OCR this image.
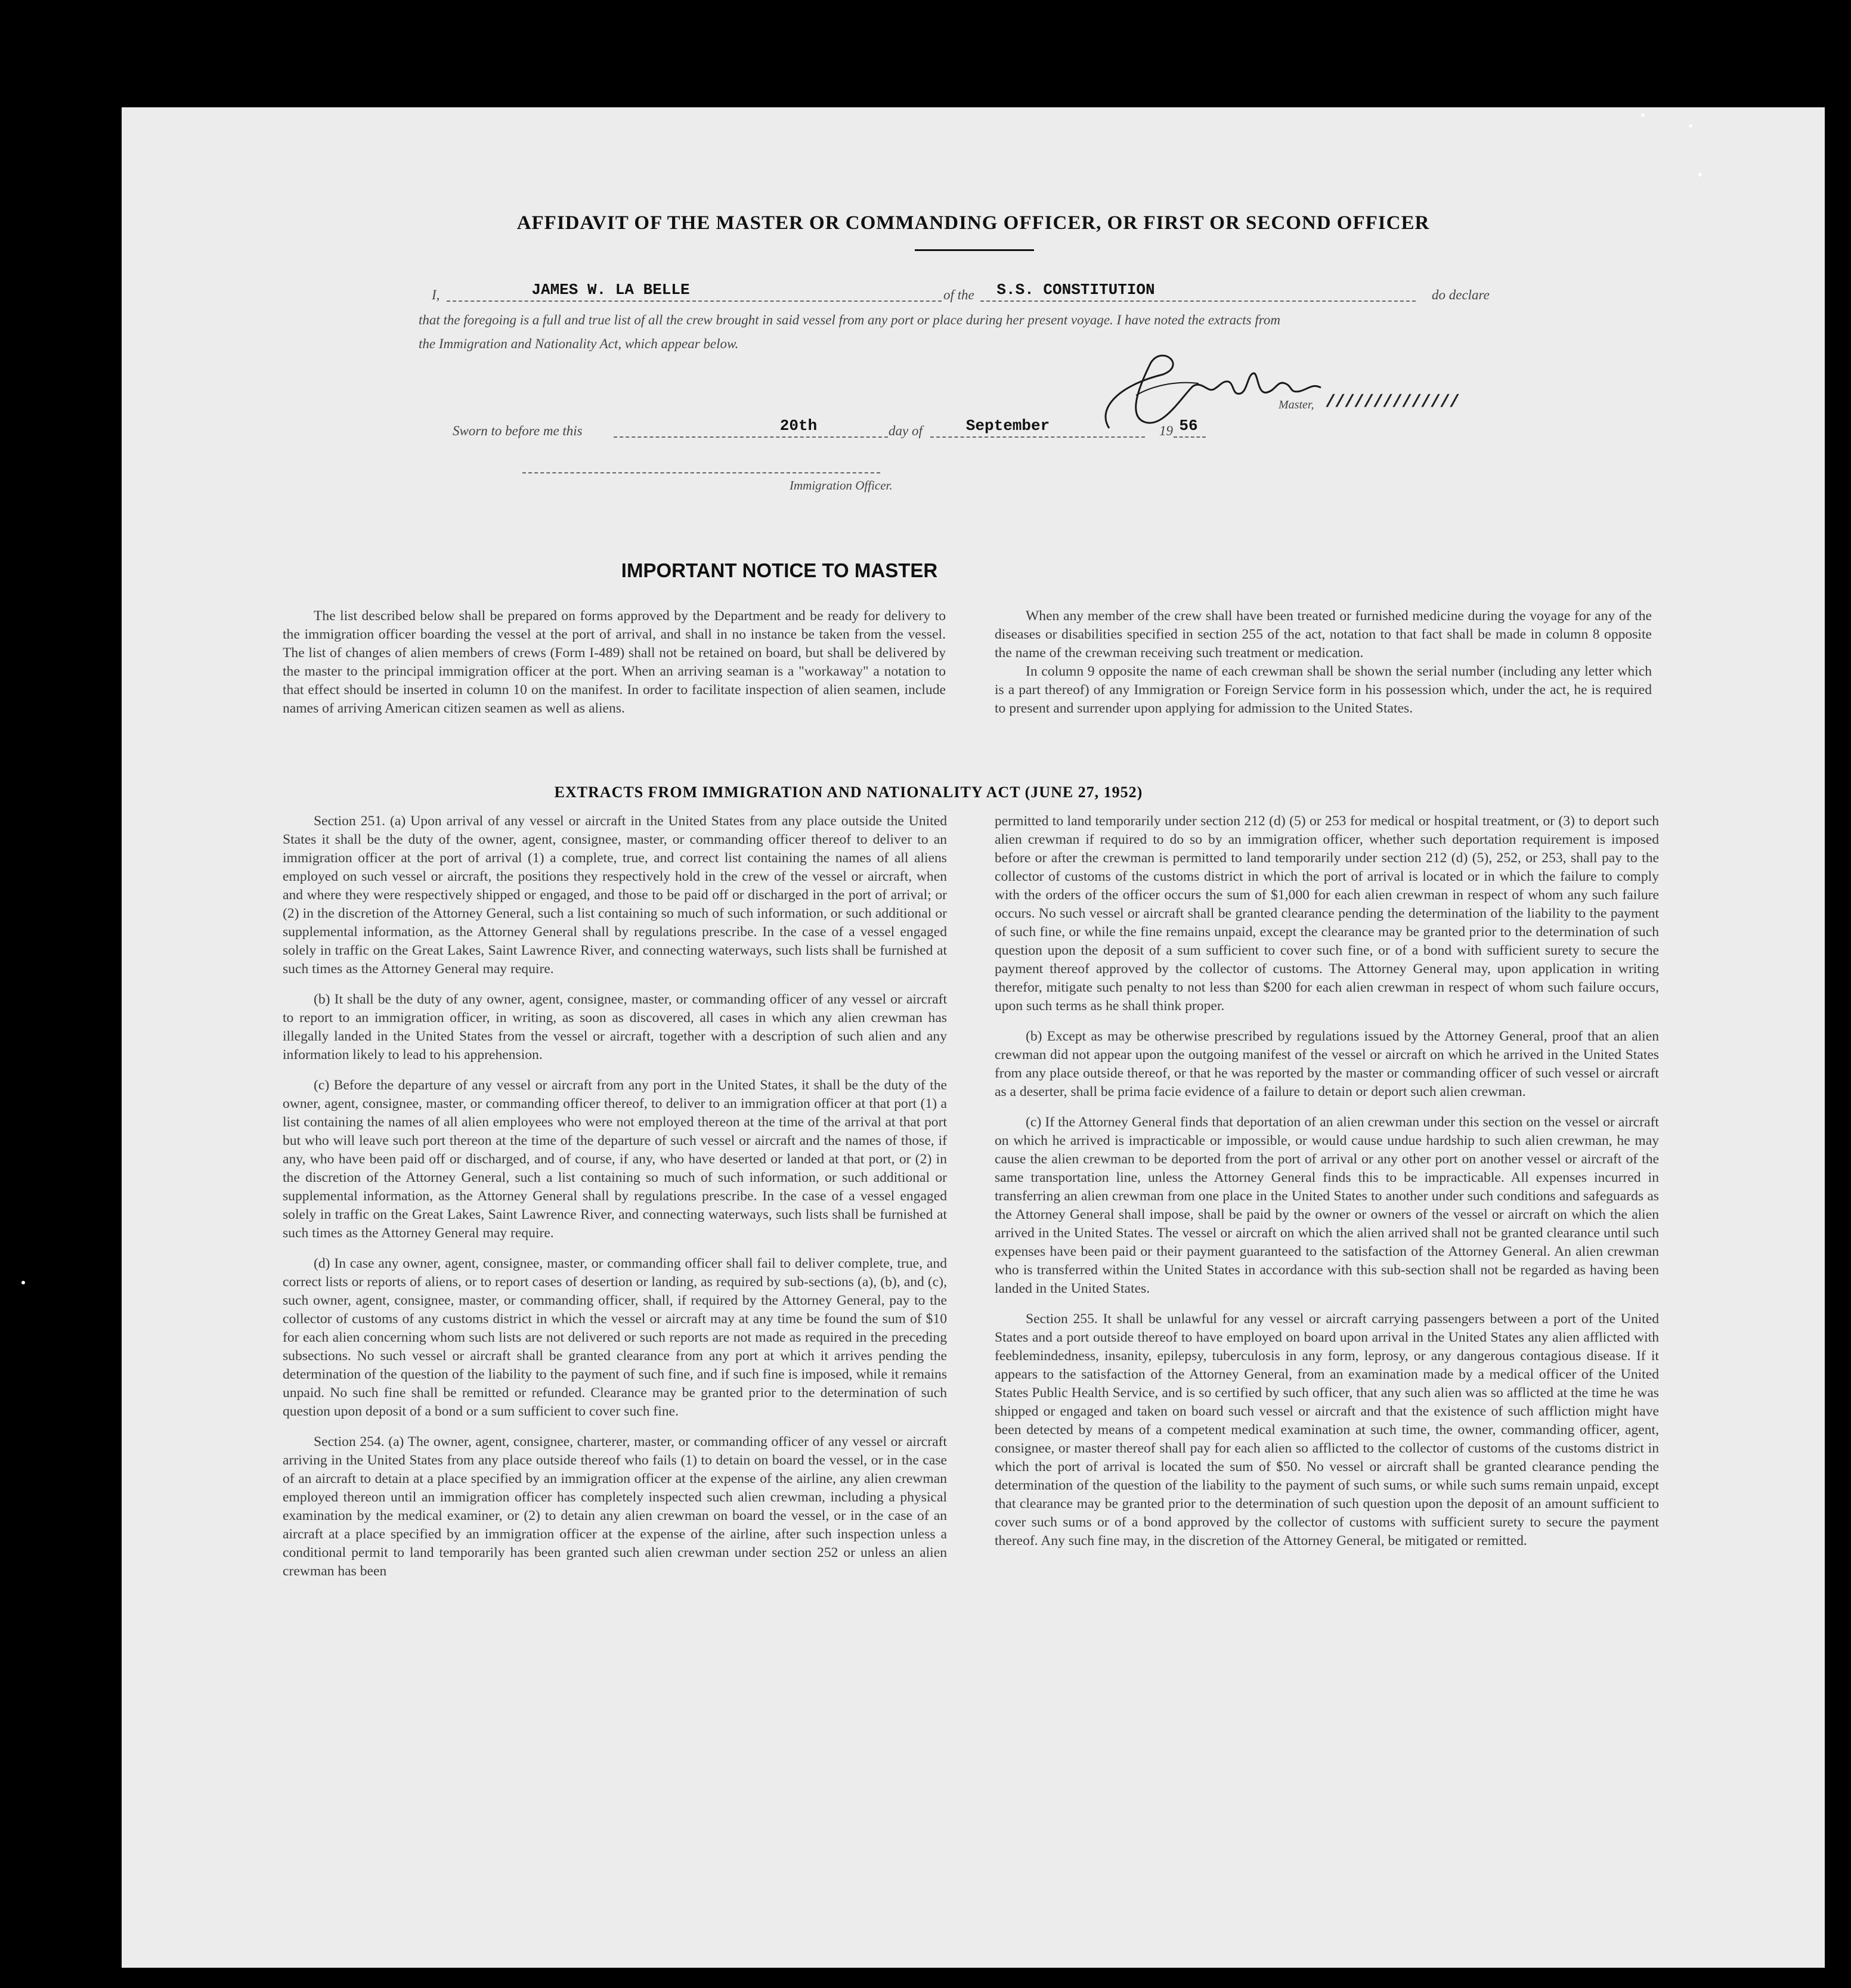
AFFIDAVIT OF THE MASTER OR COMMANDING OFFICER, OR FIRST OR SECOND OFFICER
I,	JAMES W. LA BELLE	of the	S.S. CONSTITUTION	do declare
that the foregoing is a full and true list of all the crew brought in said vessel from any port or place during her present voyage. I have noted the extracts from
the Immigration and Nationality Act, which appear below.
Master, //////////////
Sworn to before me this	20th	day of	September	19 56
Immigration Officer.
IMPORTANT NOTICE TO MASTER

The list described below shall be prepared on forms approved by the Department and be ready for delivery to the immigration officer boarding the vessel at the port of arrival, and shall in no instance be taken from the vessel. The list of changes of alien members of crews (Form I-489) shall not be retained on board, but shall be delivered by the master to the principal immigration officer at the port. When an arriving seaman is a "workaway" a notation to that effect should be inserted in column 10 on the manifest. In order to facilitate inspection of alien seamen, include names of arriving American citizen seamen as well as aliens.

When any member of the crew shall have been treated or furnished medicine during the voyage for any of the diseases or disabilities specified in section 255 of the act, notation to that fact shall be made in column 8 opposite the name of the crewman receiving such treatment or medication.

In column 9 opposite the name of each crewman shall be shown the serial number (including any letter which is a part thereof) of any Immigration or Foreign Service form in his possession which, under the act, he is required to present and surrender upon applying for admission to the United States.

EXTRACTS FROM IMMIGRATION AND NATIONALITY ACT (JUNE 27, 1952)

Section 251. (a) Upon arrival of any vessel or aircraft in the United States from any place outside the United States it shall be the duty of the owner, agent, consignee, master, or commanding officer thereof to deliver to an immigration officer at the port of arrival (1) a complete, true, and correct list containing the names of all aliens employed on such vessel or aircraft, the positions they respectively hold in the crew of the vessel or aircraft, when and where they were respectively shipped or engaged, and those to be paid off or discharged in the port of arrival; or (2) in the discretion of the Attorney General, such a list containing so much of such information, or such additional or supplemental information, as the Attorney General shall by regulations prescribe. In the case of a vessel engaged solely in traffic on the Great Lakes, Saint Lawrence River, and connecting waterways, such lists shall be furnished at such times as the Attorney General may require.

(b) It shall be the duty of any owner, agent, consignee, master, or commanding officer of any vessel or aircraft to report to an immigration officer, in writing, as soon as discovered, all cases in which any alien crewman has illegally landed in the United States from the vessel or aircraft, together with a description of such alien and any information likely to lead to his apprehension.

(c) Before the departure of any vessel or aircraft from any port in the United States, it shall be the duty of the owner, agent, consignee, master, or commanding officer thereof, to deliver to an immigration officer at that port (1) a list containing the names of all alien employees who were not employed thereon at the time of the arrival at that port but who will leave such port thereon at the time of the departure of such vessel or aircraft and the names of those, if any, who have been paid off or discharged, and of course, if any, who have deserted or landed at that port, or (2) in the discretion of the Attorney General, such a list containing so much of such information, or such additional or supplemental information, as the Attorney General shall by regulations prescribe. In the case of a vessel engaged solely in traffic on the Great Lakes, Saint Lawrence River, and connecting waterways, such lists shall be furnished at such times as the Attorney General may require.

(d) In case any owner, agent, consignee, master, or commanding officer shall fail to deliver complete, true, and correct lists or reports of aliens, or to report cases of desertion or landing, as required by sub-sections (a), (b), and (c), such owner, agent, consignee, master, or commanding officer, shall, if required by the Attorney General, pay to the collector of customs of any customs district in which the vessel or aircraft may at any time be found the sum of $10 for each alien concerning whom such lists are not delivered or such reports are not made as required in the preceding subsections. No such vessel or aircraft shall be granted clearance from any port at which it arrives pending the determination of the question of the liability to the payment of such fine, and if such fine is imposed, while it remains unpaid. No such fine shall be remitted or refunded. Clearance may be granted prior to the determination of such question upon deposit of a bond or a sum sufficient to cover such fine.

Section 254. (a) The owner, agent, consignee, charterer, master, or commanding officer of any vessel or aircraft arriving in the United States from any place outside thereof who fails (1) to detain on board the vessel, or in the case of an aircraft to detain at a place specified by an immigration officer at the expense of the airline, any alien crewman employed thereon until an immigration officer has completely inspected such alien crewman, including a physical examination by the medical examiner, or (2) to detain any alien crewman on board the vessel, or in the case of an aircraft at a place specified by an immigration officer at the expense of the airline, after such inspection unless a conditional permit to land temporarily has been granted such alien crewman under section 252 or unless an alien crewman has been

permitted to land temporarily under section 212 (d) (5) or 253 for medical or hospital treatment, or (3) to deport such alien crewman if required to do so by an immigration officer, whether such deportation requirement is imposed before or after the crewman is permitted to land temporarily under section 212 (d) (5), 252, or 253, shall pay to the collector of customs of the customs district in which the port of arrival is located or in which the failure to comply with the orders of the officer occurs the sum of $1,000 for each alien crewman in respect of whom any such failure occurs. No such vessel or aircraft shall be granted clearance pending the determination of the liability to the payment of such fine, or while the fine remains unpaid, except the clearance may be granted prior to the determination of such question upon the deposit of a sum sufficient to cover such fine, or of a bond with sufficient surety to secure the payment thereof approved by the collector of customs. The Attorney General may, upon application in writing therefor, mitigate such penalty to not less than $200 for each alien crewman in respect of whom such failure occurs, upon such terms as he shall think proper.

(b) Except as may be otherwise prescribed by regulations issued by the Attorney General, proof that an alien crewman did not appear upon the outgoing manifest of the vessel or aircraft on which he arrived in the United States from any place outside thereof, or that he was reported by the master or commanding officer of such vessel or aircraft as a deserter, shall be prima facie evidence of a failure to detain or deport such alien crewman.

(c) If the Attorney General finds that deportation of an alien crewman under this section on the vessel or aircraft on which he arrived is impracticable or impossible, or would cause undue hardship to such alien crewman, he may cause the alien crewman to be deported from the port of arrival or any other port on another vessel or aircraft of the same transportation line, unless the Attorney General finds this to be impracticable. All expenses incurred in transferring an alien crewman from one place in the United States to another under such conditions and safeguards as the Attorney General shall impose, shall be paid by the owner or owners of the vessel or aircraft on which the alien arrived in the United States. The vessel or aircraft on which the alien arrived shall not be granted clearance until such expenses have been paid or their payment guaranteed to the satisfaction of the Attorney General. An alien crewman who is transferred within the United States in accordance with this sub-section shall not be regarded as having been landed in the United States.

Section 255. It shall be unlawful for any vessel or aircraft carrying passengers between a port of the United States and a port outside thereof to have employed on board upon arrival in the United States any alien afflicted with feeblemindedness, insanity, epilepsy, tuberculosis in any form, leprosy, or any dangerous contagious disease. If it appears to the satisfaction of the Attorney General, from an examination made by a medical officer of the United States Public Health Service, and is so certified by such officer, that any such alien was so afflicted at the time he was shipped or engaged and taken on board such vessel or aircraft and that the existence of such affliction might have been detected by means of a competent medical examination at such time, the owner, commanding officer, agent, consignee, or master thereof shall pay for each alien so afflicted to the collector of customs of the customs district in which the port of arrival is located the sum of $50. No vessel or aircraft shall be granted clearance pending the determination of the question of the liability to the payment of such sums, or while such sums remain unpaid, except that clearance may be granted prior to the determination of such question upon the deposit of an amount sufficient to cover such sums or of a bond approved by the collector of customs with sufficient surety to secure the payment thereof. Any such fine may, in the discretion of the Attorney General, be mitigated or remitted.
